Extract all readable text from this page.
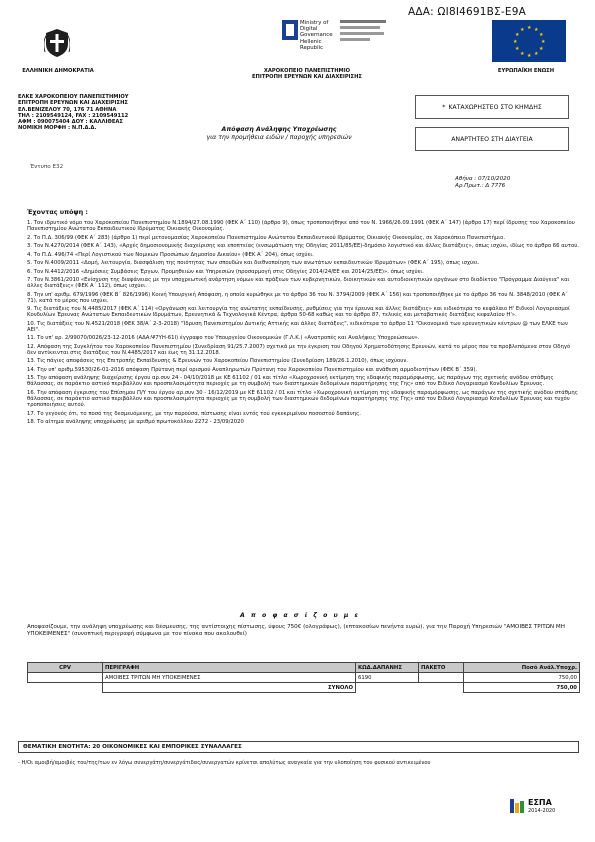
ΑΔΑ: ΩΙ8Ι4691ΒΣ-Ε9Α
ΕΛΛΗΝΙΚΗ ΔΗΜΟΚΡΑΤΙΑ
Ministry of Digital
Governance
Hellenic Republic
★ ★
★
★
★
★
★
★
★
★
★
★
ΕΥΡΩΠΑΪΚΗ ΕΝΩΣΗ
ΧΑΡΟΚΟΠΕΙΟ ΠΑΝΕΠΙΣΤΗΜΙΟ
ΕΠΙΤΡΟΠΗ ΕΡΕΥΝΩΝ ΚΑΙ ΔΙΑΧΕΙΡΙΣΗΣ
ΕΛΚΕ ΧΑΡΟΚΟΠΕΙΟΥ ΠΑΝΕΠΙΣΤΗΜΙΟΥ
ΕΠΙΤΡΟΠΗ ΕΡΕΥΝΩΝ ΚΑΙ ΔΙΑΧΕΙΡΙΣΗΣ
ΕΛ.ΒΕΝΙΖΕΛΟΥ 70, 176 71 ΑΘΗΝΑ
ΤΗΛ : 2109549124, FAX : 2109549112
ΑΦΜ : 090075404 ΔΟΥ : ΚΑΛΛΙΘΕΑΣ
ΝΟΜΙΚΗ ΜΟΡΦΗ : Ν.Π.Δ.Δ.
* ΚΑΤΑΧΩΡΗΣΤΕΟ ΣΤΟ ΚΗΜΔΗΣ
ΑΝΑΡΤΗΤΕΟ ΣΤΗ ΔΙΑΥΓΕΙΑ
Απόφαση Ανάληψης Υποχρέωσης
για την προμήθεια ειδών / παροχής υπηρεσιών
Έντυπο Ε32
Αθήνα : 07/10/2020
Αρ.Πρωτ.: Δ 7776
Έχοντας υπόψη :

1. Τον ιδρυτικό νόμο του Χαροκοπείου Πανεπιστημίου Ν.1894/27.08.1990 (ΦΕΚ Α΄ 110) (άρθρο 9), όπως τροποποιήθηκε από τον Ν. 1966/26.09.1991 (ΦΕΚ Α΄ 147) (άρθρο 17) περί ίδρυσης του Χαροκοπείου Πανεπιστημίου Ανώτατου Εκπαιδευτικού Ιδρύματος Οικιακής Οικονομίας.

2. Το Π.Δ. 306/99 (ΦΕΚ Α΄ 283) (άρθρο 1) περί μετονομασίας Χαροκοπείου Πανεπιστημίου Ανώτατου Εκπαιδευτικού Ιδρύματος Οικιακής Οικονομίας, σε Χαροκόπειο Πανεπιστήμιο.

3. Τον Ν.4270/2014 (ΦΕΚ Α΄ 143), «Αρχές δημοσιονομικής διαχείρισης και εποπτείας (ενσωμάτωση της Οδηγίας 2011/85/ΕΕ)-δημόσιο λογιστικό και άλλες διατάξεις», όπως ισχύει, ιδίως το άρθρο 66 αυτού.

4. Το Π.Δ. 496/74 «Περί Λογιστικού των Νομικών Προσώπων Δημοσίου Δικαίου» (ΦΕΚ Α΄ 204), όπως ισχύει.

5. Τον Ν.4009/2011 «Δομή, λειτουργία, διασφάλιση της ποιότητας των σπουδών και διεθνοποίηση των ανωτάτων εκπαιδευτικών Ιδρυμάτων» (ΦΕΚ Α΄ 195), όπως ισχύει.

6. Τον Ν.4412/2016 «Δημόσιες Συμβάσεις Έργων, Προμηθειών και Υπηρεσιών (προσαρμογή στις Οδηγίες 2014/24/ΕΕ και 2014/25/ΕΕ)», όπως ισχύει.

7. Τον Ν.3861/2010 «Ενίσχυση της διαφάνειας με την υποχρεωτική ανάρτηση νόμων και πράξεων των κυβερνητικών, διοικητικών και αυτοδιοικητικών οργάνων στο διαδίκτυο "Πρόγραμμα Διαύγεια" και άλλες διατάξεις» (ΦΕΚ Α΄ 112), όπως ισχύει.

8. Την υπ' αριθμ. 679/1996 (ΦΕΚ Β΄ 826/1996) Κοινή Υπουργική Απόφαση, η οποία κυρώθηκε με το άρθρο 36 του Ν. 3794/2009 (ΦΕΚ Α΄ 156) και τροποποιήθηκε με το άρθρο 36 του Ν. 3848/2010 (ΦΕΚ Α΄ 71), κατά το μέρος που ισχύει.

9. Τις διατάξεις του Ν.4485/2017 (ΦΕΚ Α΄ 114) «Οργάνωση και λειτουργία της ανώτατης εκπαίδευσης, ρυθμίσεις για την έρευνα και άλλες διατάξεις» και ειδικότερα το κεφάλαιο Η' Ειδικοί Λογαριασμοί Κονδυλίων Έρευνας Ανώτατων Εκπαιδευτικών Ιδρυμάτων, Ερευνητικά & Τεχνολογικά Κέντρα, άρθρα 50-68 καθώς και το άρθρο 87, τελικές και μεταβατικές διατάξεις κεφαλαίου Η'».

10. Τις διατάξεις του Ν.4521/2018 (ΦΕΚ 38/Α΄ 2-3-2018) "Ίδρυση Πανεπιστημίου Δυτικής Αττικής και άλλες διατάξεις", ειδικότερα το άρθρο 11 "Οικονομικά των ερευνητικών κέντρων @ των ΕΛΚΕ των ΑΕΙ".

11. Το υπ' αρ. 2/99070/0026/23-12-2016 (ΑΔΑ:Ψ7ΥΗ-61Ι) έγγραφο του Υπουργείου Οικονομικών (Γ.Λ.Κ.) «Ανατροπές και Αναλήψεις Υποχρεώσεων».

12. Απόφαση της Συγκλήτου του Χαροκοπείου Πανεπιστημίου (Συνεδρίαση 91/25.7.2007) σχετικά με την έγκριση του Οδηγού Χρηματοδότησης Ερευνών, κατά το μέρος που τα προβλεπόμενα στον Οδηγό δεν αντίκεινται στις διατάξεις του Ν.4485/2017 και έως τη 31.12.2018.

13. Τις πάγιες αποφάσεις της Επιτροπής Εκπαίδευσης & Ερευνών του Χαροκοπείου Πανεπιστημίου (Συνεδρίαση 189/26.1.2010), όπως ισχύουν.

14. Την υπ' αριθμ.59530/26-01-2016 απόφαση Πρύτανη περί ορισμού Αναπληρωτών Πρύτανη του Χαροκοπείου Πανεπιστημίου και ανάθεση αρμοδιοτήτων (ΦΕΚ Β΄ 359).

15. Την απόφαση ανάληψης διαχείρισης έργου αρ.συν 24 - 04/10/2018 με ΚΕ 61102 / 01 και τίτλο «Χωροχρονική εκτίμηση της εδαφικής παραμόρφωσης, ως παράγων της σχετικής ανόδου στάθμης θάλασσας, σε παράκτιο αστικό περιβάλλον και προσπελασιμότητα περιοχές με τη συμβολή των διαστημικών δεδομένων παρατήρησης της Γης» από τον Ειδικό Λογαριασμό Κονδυλίων Έρευνας.

16. Την απόφαση έγκρισης του Επίσημου Π/Υ του έργου αρ.συν 30 - 16/12/2019 με ΚΕ 61102 / 01 και τίτλο «Χωροχρονική εκτίμηση της εδαφικής παραμόρφωσης, ως παράγων της σχετικής ανόδου στάθμης θάλασσας, σε παράκτιο αστικό περιβάλλον και προσπελασιμότητα περιοχές με τη συμβολή των διαστημικών δεδομένων παρατήρησης της Γης» από τον Ειδικό Λογαριασμό Κονδυλίων Έρευνας και τυχόν τροποποιήσεις αυτού.

17. Το γεγονός ότι, το ποσό της δεσμευόμενης, με την παρούσα, πίστωσης είναι εντός του εγκεκριμένου ποσοστού δαπάνης.

18. Το αίτημα ανάληψης υποχρέωσης με αριθμό πρωτοκόλλου 2272 - 23/09/2020

Α π ο φ α σ ί ζ ο υ μ ε
Αποφασίζουμε, την ανάληψη υποχρέωσης και δέσμευσης, της αντίστοιχης πίστωσης, ύψους 750€ (ολογράφως), (επτακοσίων πενήντα ευρώ), για την Παροχή Υπηρεσιών "ΑΜΟΙΒΕΣ ΤΡΙΤΩΝ ΜΗ ΥΠΟΚΕΙΜΕΝΕΣ" (συνοπτική περιγραφή σύμφωνα με τον πίνακα που ακολουθεί)
CPV	ΠΕΡΙΓΡΑΦΗ	ΚΩΔ.ΔΑΠΑΝΗΣ	ΠΑΚΕΤΟ	Ποσό Ανάλ.Υποχρ.
	ΑΜΟΙΒΕΣ ΤΡΙΤΩΝ ΜΗ ΥΠΟΚΕΙΜΕΝΕΣ	6190		750,00
	ΣΥΝΟΛΟ			750,00
ΘΕΜΑΤΙΚΗ ΕΝΟΤΗΤΑ: 20 ΟΙΚΟΝΟΜΙΚΕΣ ΚΑΙ ΕΜΠΟΡΙΚΕΣ ΣΥΝΑΛΛΑΓΕΣ
- Η/Οι αμοιβή/αμοιβές του/της/των εν λόγω συνεργάτη/συνεργάτιδας/συνεργατών κρίνεται απολύτως αναγκαία για την υλοποίηση του φυσικού αντικειμένου
ΕΣΠΑ
2014-2020
